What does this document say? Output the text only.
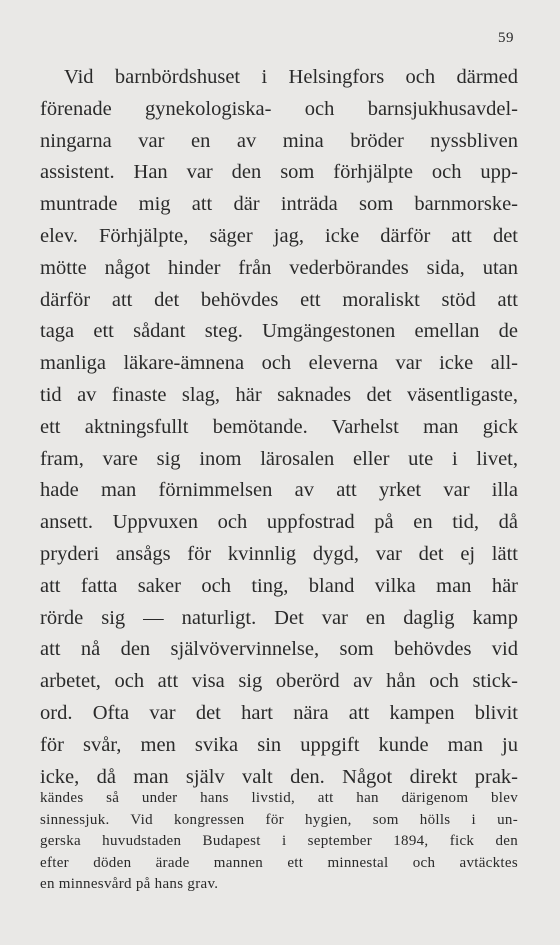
59
Vid barnbördshuset i Helsingfors och därmed
förenade gynekologiska- och barnsjukhusavdel-
ningarna var en av mina bröder nyssbliven
assistent. Han var den som förhjälpte och upp-
muntrade mig att där inträda som barnmorske-
elev. Förhjälpte, säger jag, icke därför att det
mötte något hinder från vederbörandes sida, utan
därför att det behövdes ett moraliskt stöd att
taga ett sådant steg. Umgängestonen emellan de
manliga läkare-ämnena och eleverna var icke all-
tid av finaste slag, här saknades det väsentligaste,
ett aktningsfullt bemötande. Varhelst man gick
fram, vare sig inom lärosalen eller ute i livet,
hade man förnimmelsen av att yrket var illa
ansett. Uppvuxen och uppfostrad på en tid, då
pryderi ansågs för kvinnlig dygd, var det ej lätt
att fatta saker och ting, bland vilka man här
rörde sig — naturligt. Det var en daglig kamp
att nå den självövervinnelse, som behövdes vid
arbetet, och att visa sig oberörd av hån och stick-
ord. Ofta var det hart nära att kampen blivit
för svår, men svika sin uppgift kunde man ju
icke, då man själv valt den. Något direkt prak-
kändes så under hans livstid, att han därigenom blev
sinnessjuk. Vid kongressen för hygien, som hölls i un-
gerska huvudstaden Budapest i september 1894, fick den
efter döden ärade mannen ett minnestal och avtäcktes
en minnesvård på hans grav.
